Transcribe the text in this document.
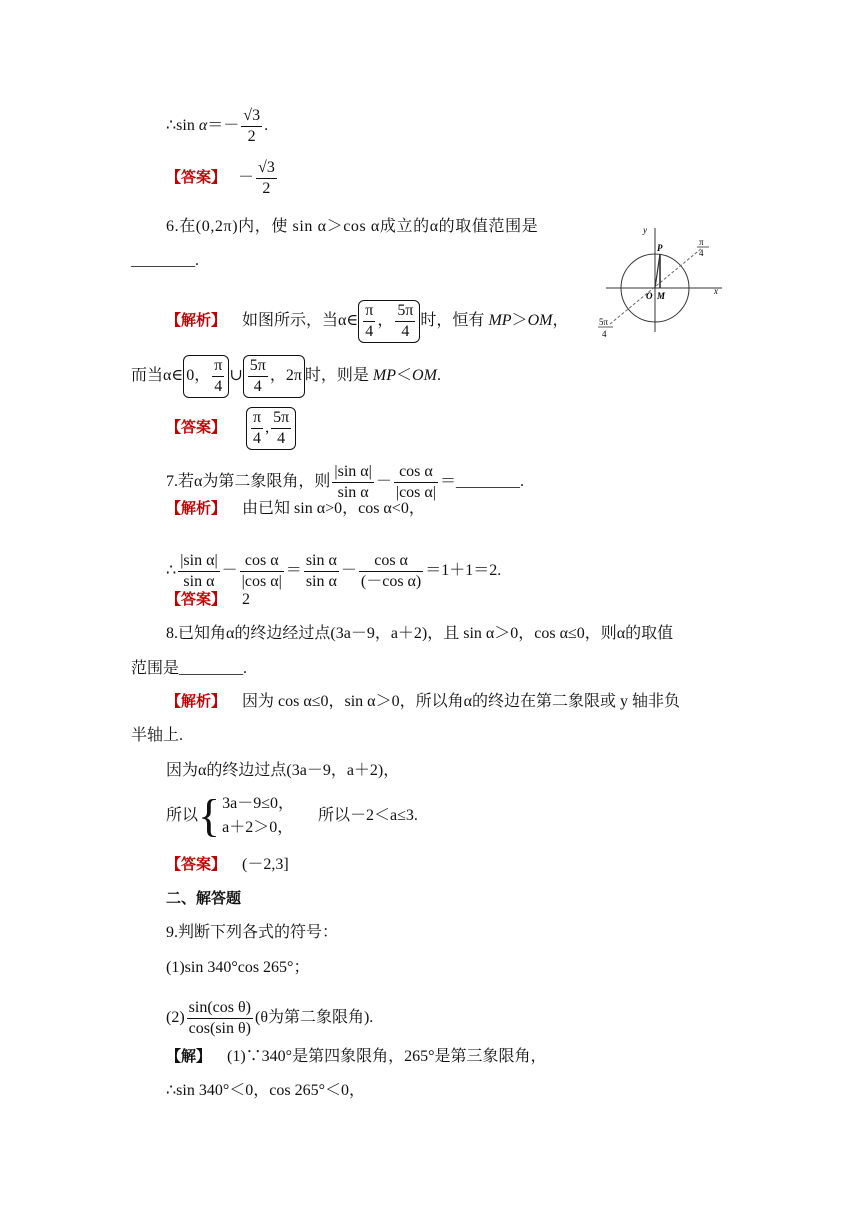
∴sin $\alpha=- \frac{√3}{2}$ .
【答案】 － $\frac{√3}{2}$
6.在(0,2π)内，使 sin α＞cos α成立的α的取值范围是
________.
y
x
P
O M
π
4
5π
4
【解析】 如图所示，当α∈ $\frac{\pi}{4}$ ， $\frac{5\pi}{4}$ 时，恒有 MP＞OM，
而当α∈ 0， $\frac{\pi}{4}$ ∪ $\frac{5\pi}{4}$ ，2π 时，则是 MP＜OM.
【答案】 $\frac{\pi}{4}$ , $\frac{5\pi}{4}$
7.若α为第二象限角，则 $\frac{\text{|sin α|}}{\text{sin α}} - \frac{\text{cos α}}{\text{|cos α|}}$ ＝________.
【解析】 由已知 sin α>0，cos α<0，
∴ $\frac{\text{|sin α|}}{\text{sin α}} - \frac{\text{cos α}}{\text{|cos α|}} = \frac{\text{sin α}}{\text{sin α}} - \frac{\text{cos α}}{\text{(－cos α)}} =1+1=2$.
【答案】 2
8.已知角α的终边经过点(3a－9，a＋2)，且 sin α＞0，cos α≤0，则α的取值
范围是________.
【解析】 因为 cos α≤0，sin α＞0，所以角α的终边在第二象限或 y 轴非负
半轴上.
因为α的终边过点(3a－9，a＋2)，
所以{ 3a－9≤0，
a＋2＞0，
所以－2＜a≤3.
【答案】 (－2,3]
二、解答题
9.判断下列各式的符号：
(1)sin 340°cos 265°；
$(2) \frac{\text{sin(cos θ)}}{\text{cos(sin θ)}} (\theta$为第二象限角).
【解】 (1)∵340°是第四象限角，265°是第三象限角，
∴sin 340°＜0，cos 265°＜0，
